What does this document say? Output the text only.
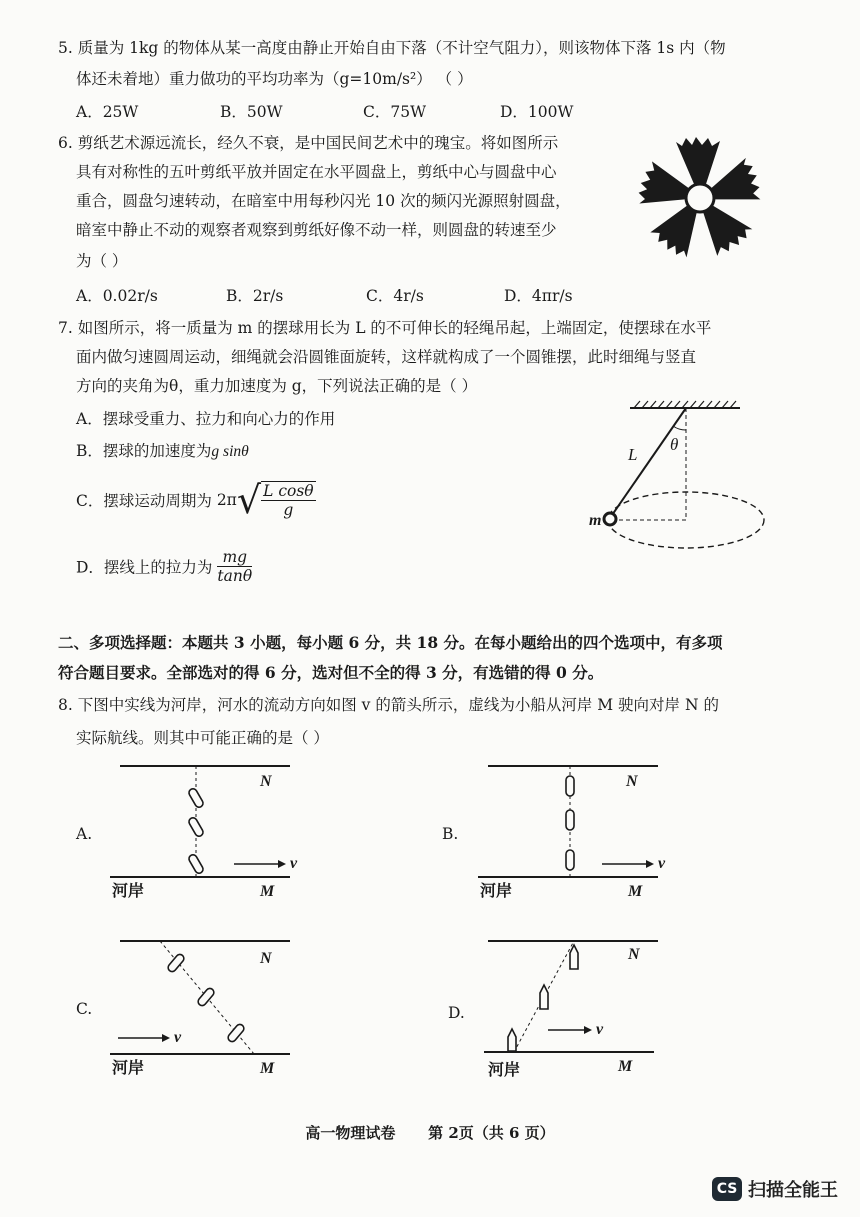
5. 质量为 1kg 的物体从某一高度由静止开始自由下落（不计空气阻力），则该物体下落 1s 内（物
体还未着地）重力做功的平均功率为（g=10m/s²） （ ）
A．25W	B．50W	C．75W	D．100W
6. 剪纸艺术源远流长，经久不衰，是中国民间艺术中的瑰宝。将如图所示
具有对称性的五叶剪纸平放并固定在水平圆盘上，剪纸中心与圆盘中心
重合，圆盘匀速转动，在暗室中用每秒闪光 10 次的频闪光源照射圆盘，
暗室中静止不动的观察者观察到剪纸好像不动一样，则圆盘的转速至少
为（ ）
A．0.02r/s	B．2r/s	C．4r/s	D．4πr/s
7. 如图所示，将一质量为 m 的摆球用长为 L 的不可伸长的轻绳吊起，上端固定，使摆球在水平
面内做匀速圆周运动，细绳就会沿圆锥面旋转，这样就构成了一个圆锥摆，此时细绳与竖直
方向的夹角为θ，重力加速度为 g，下列说法正确的是（ ）
A．摆球受重力、拉力和向心力的作用
B．摆球的加速度为g sinθ
C．摆球运动周期为 $2\pi√ \frac{\text{L cosθ}}{g}$
D．摆线上的拉力为 $\frac{mg}{\tan\theta}$
L
θ
m
二、多项选择题：本题共 3 小题，每小题 6 分，共 18 分。在每小题给出的四个选项中，有多项
符合题目要求。全部选对的得 6 分，选对但不全的得 3 分，有选错的得 0 分。
8. 下图中实线为河岸，河水的流动方向如图 v 的箭头所示，虚线为小船从河岸 M 驶向对岸 N 的
实际航线。则其中可能正确的是（ ）
A.
v
N
M
河岸
B.
v
N
M
河岸
C.
v
N
M
河岸
D.
v
N
M
河岸
高一物理试卷 第 2页（共 6 页）
CS 扫描全能王
